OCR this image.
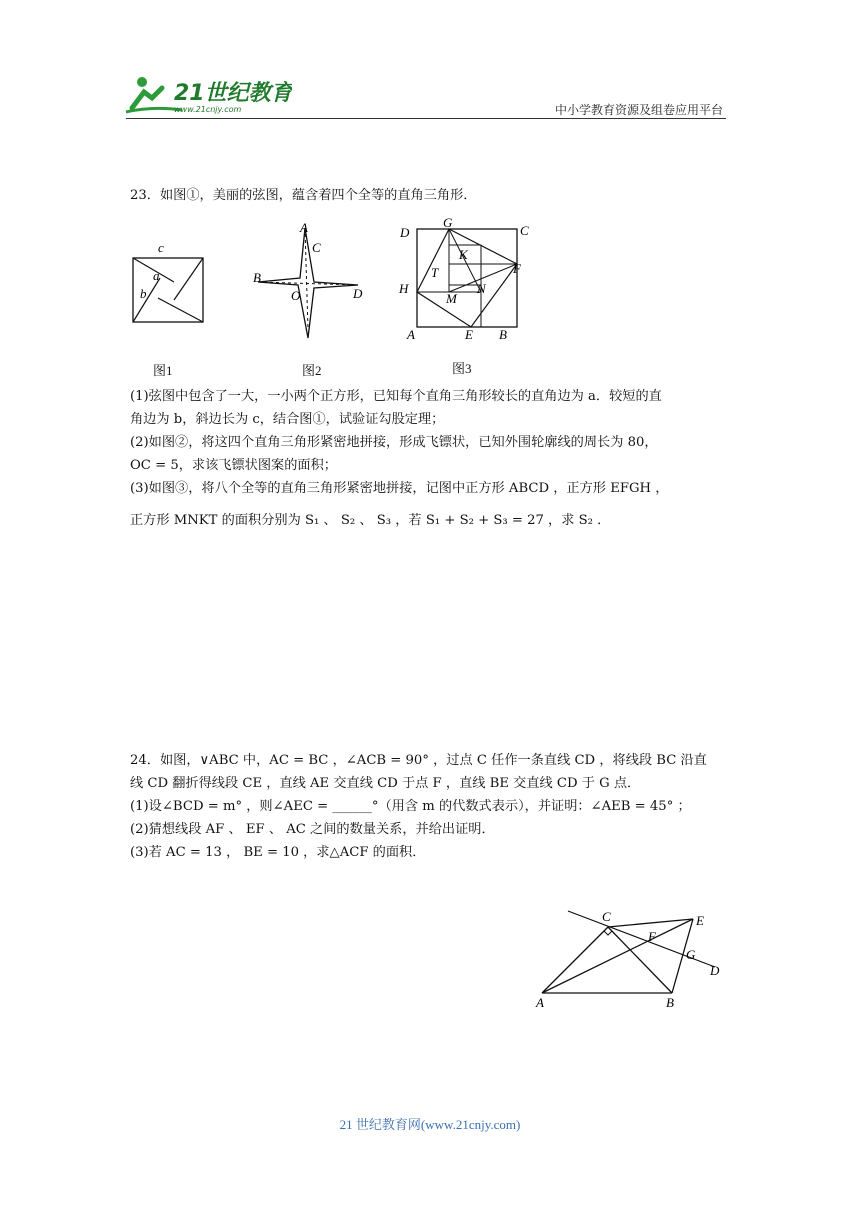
21世纪教育
www.21cnjy.com	中小学教育资源及组卷应用平台
23．如图①，美丽的弦图，蕴含着四个全等的直角三角形．
c
a
b
图1
A
C
B
D
O
图2
D
G
C
K
F
T
H
M
N
A	E B
图3
(1)弦图中包含了一大，一小两个正方形，已知每个直角三角形较长的直角边为 a．较短的直
角边为 b，斜边长为 c，结合图①，试验证勾股定理；
(2)如图②，将这四个直角三角形紧密地拼接，形成飞镖状，已知外围轮廓线的周长为 80，
OC = 5，求该飞镖状图案的面积；
(3)如图③，将八个全等的直角三角形紧密地拼接，记图中正方形 ABCD ，正方形 EFGH ，
正方形 MNKT 的面积分别为 S₁ 、 S₂ 、 S₃ ，若 S₁ + S₂ + S₃ = 27 ，求 S₂ ．
24．如图，∨ABC 中，AC = BC ，∠ACB = 90° ，过点 C 任作一条直线 CD ，将线段 BC 沿直
线 CD 翻折得线段 CE ，直线 AE 交直线 CD 于点 F ，直线 BE 交直线 CD 于 G 点．
(1)设∠BCD = m° ，则∠AEC = ______°（用含 m 的代数式表示），并证明：∠AEB = 45° ；
(2)猜想线段 AF 、 EF 、 AC 之间的数量关系，并给出证明．
(3)若 AC = 13 ， BE = 10 ，求△ACF 的面积．
C	E
F
G
D
A	B
21 世纪教育网(www.21cnjy.com)
